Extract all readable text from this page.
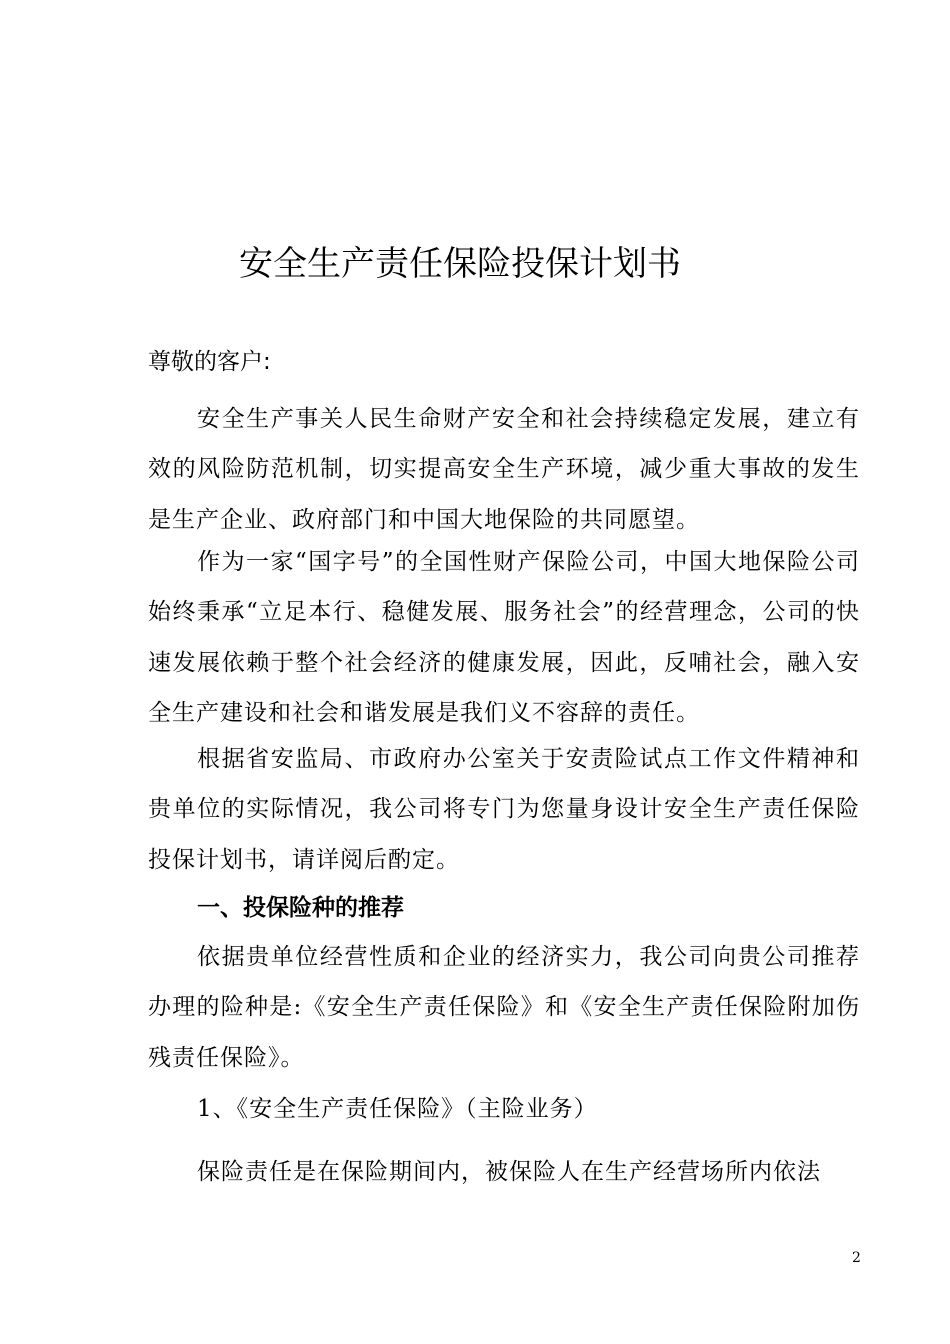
安全生产责任保险投保计划书
尊敬的客户:

安全生产事关人民生命财产安全和社会持续稳定发展，建立有效的风险防范机制，切实提高安全生产环境，减少重大事故的发生是生产企业、政府部门和中国大地保险的共同愿望。

作为一家“国字号”的全国性财产保险公司，中国大地保险公司始终秉承“立足本行、稳健发展、服务社会”的经营理念，公司的快速发展依赖于整个社会经济的健康发展，因此，反哺社会，融入安全生产建设和社会和谐发展是我们义不容辞的责任。

根据省安监局、市政府办公室关于安责险试点工作文件精神和贵单位的实际情况，我公司将专门为您量身设计安全生产责任保险投保计划书，请详阅后酌定。

一、投保险种的推荐

依据贵单位经营性质和企业的经济实力，我公司向贵公司推荐办理的险种是:《安全生产责任保险》和《安全生产责任保险附加伤残责任保险》。

1、《安全生产责任保险》（主险业务）

保险责任是在保险期间内，被保险人在生产经营场所内依法

2
